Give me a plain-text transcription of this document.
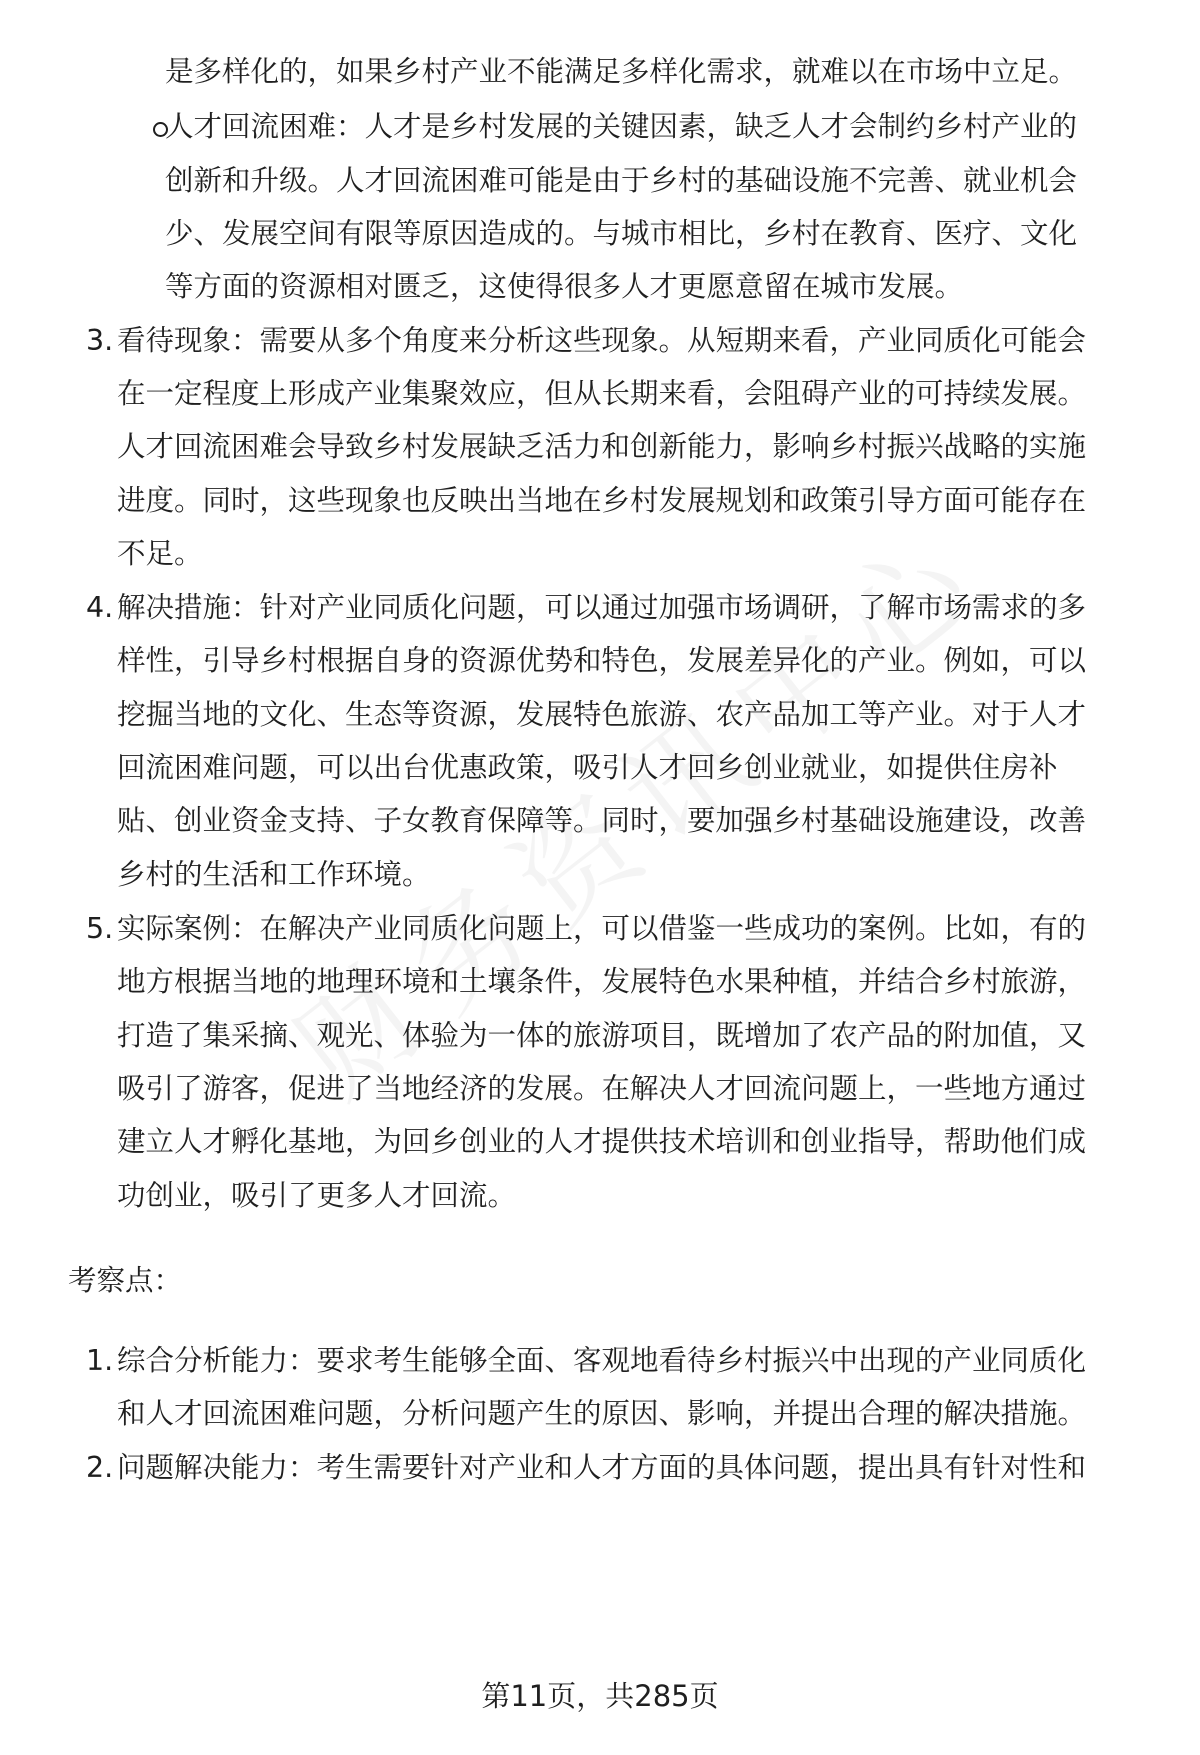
是多样化的，如果乡村产业不能满足多样化需求，就难以在市场中立足。
人才回流困难：人才是乡村发展的关键因素，缺乏人才会制约乡村产业的
创新和升级。人才回流困难可能是由于乡村的基础设施不完善、就业机会
少、发展空间有限等原因造成的。与城市相比，乡村在教育、医疗、文化
等方面的资源相对匮乏，这使得很多人才更愿意留在城市发展。
3. 看待现象：需要从多个角度来分析这些现象。从短期来看，产业同质化可能会
在一定程度上形成产业集聚效应，但从长期来看，会阻碍产业的可持续发展。
人才回流困难会导致乡村发展缺乏活力和创新能力，影响乡村振兴战略的实施
进度。同时，这些现象也反映出当地在乡村发展规划和政策引导方面可能存在
不足。
4. 解决措施：针对产业同质化问题，可以通过加强市场调研，了解市场需求的多
样性，引导乡村根据自身的资源优势和特色，发展差异化的产业。例如，可以
挖掘当地的文化、生态等资源，发展特色旅游、农产品加工等产业。对于人才
回流困难问题，可以出台优惠政策，吸引人才回乡创业就业，如提供住房补
贴、创业资金支持、子女教育保障等。同时，要加强乡村基础设施建设，改善
乡村的生活和工作环境。
5. 实际案例：在解决产业同质化问题上，可以借鉴一些成功的案例。比如，有的
地方根据当地的地理环境和土壤条件，发展特色水果种植，并结合乡村旅游，
打造了集采摘、观光、体验为一体的旅游项目，既增加了农产品的附加值，又
吸引了游客，促进了当地经济的发展。在解决人才回流问题上，一些地方通过
建立人才孵化基地，为回乡创业的人才提供技术培训和创业指导，帮助他们成
功创业，吸引了更多人才回流。
考察点：
1. 综合分析能力：要求考生能够全面、客观地看待乡村振兴中出现的产业同质化
和人才回流困难问题，分析问题产生的原因、影响，并提出合理的解决措施。
2. 问题解决能力：考生需要针对产业和人才方面的具体问题，提出具有针对性和
第11页，共285页
